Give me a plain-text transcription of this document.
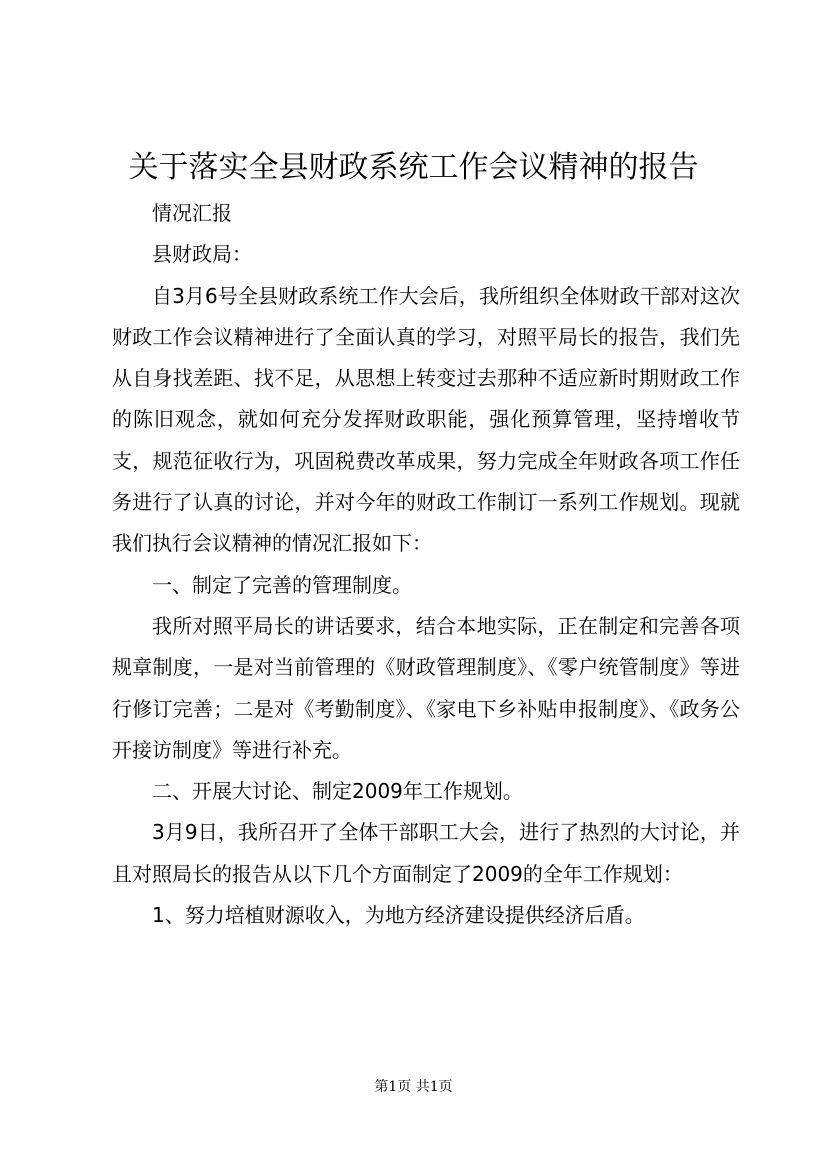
关于落实全县财政系统工作会议精神的报告

情况汇报

县财政局：

自3月6号全县财政系统工作大会后，我所组织全体财政干部对这次财政工作会议精神进行了全面认真的学习，对照平局长的报告，我们先从自身找差距、找不足，从思想上转变过去那种不适应新时期财政工作的陈旧观念，就如何充分发挥财政职能，强化预算管理，坚持增收节支，规范征收行为，巩固税费改革成果，努力完成全年财政各项工作任务进行了认真的讨论，并对今年的财政工作制订一系列工作规划。现就我们执行会议精神的情况汇报如下：

一、制定了完善的管理制度。

我所对照平局长的讲话要求，结合本地实际，正在制定和完善各项规章制度，一是对当前管理的《财政管理制度》、《零户统管制度》等进行修订完善；二是对《考勤制度》、《家电下乡补贴申报制度》、《政务公开接访制度》等进行补充。

二、开展大讨论、制定2009年工作规划。

3月9日，我所召开了全体干部职工大会，进行了热烈的大讨论，并且对照局长的报告从以下几个方面制定了2009的全年工作规划：

1、努力培植财源收入，为地方经济建设提供经济后盾。

第1页 共1页
